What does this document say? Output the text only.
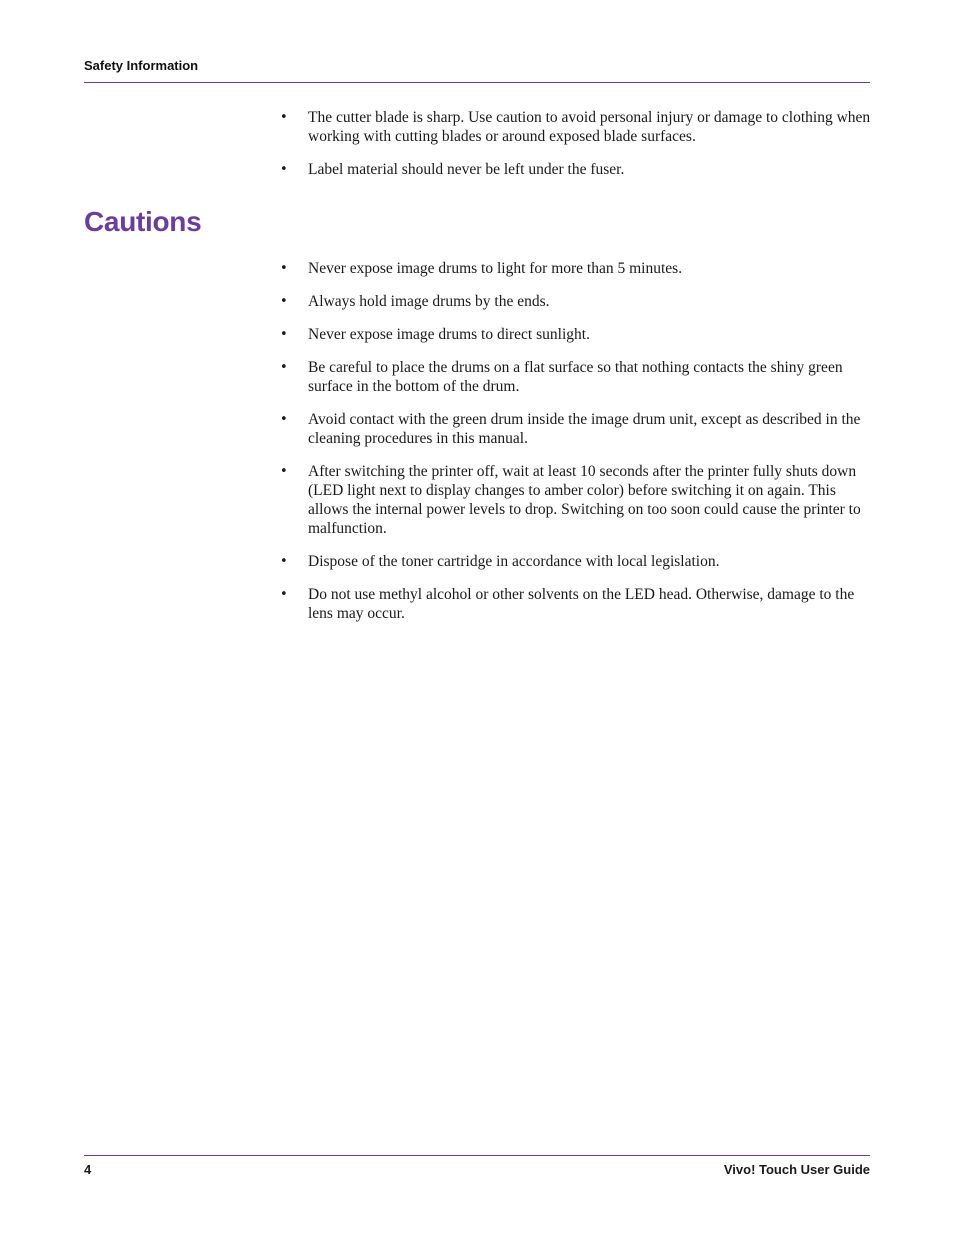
Safety Information
• The cutter blade is sharp. Use caution to avoid personal injury or damage to clothing when working with cutting blades or around exposed blade surfaces.
• Label material should never be left under the fuser.
Cautions
• Never expose image drums to light for more than 5 minutes.
• Always hold image drums by the ends.
• Never expose image drums to direct sunlight.
• Be careful to place the drums on a flat surface so that nothing contacts the shiny green surface in the bottom of the drum.
• Avoid contact with the green drum inside the image drum unit, except as described in the cleaning procedures in this manual.
• After switching the printer off, wait at least 10 seconds after the printer fully shuts down (LED light next to display changes to amber color) before switching it on again. This allows the internal power levels to drop. Switching on too soon could cause the printer to malfunction.
• Dispose of the toner cartridge in accordance with local legislation.
• Do not use methyl alcohol or other solvents on the LED head. Otherwise, damage to the lens may occur.
4	Vivo! Touch User Guide
